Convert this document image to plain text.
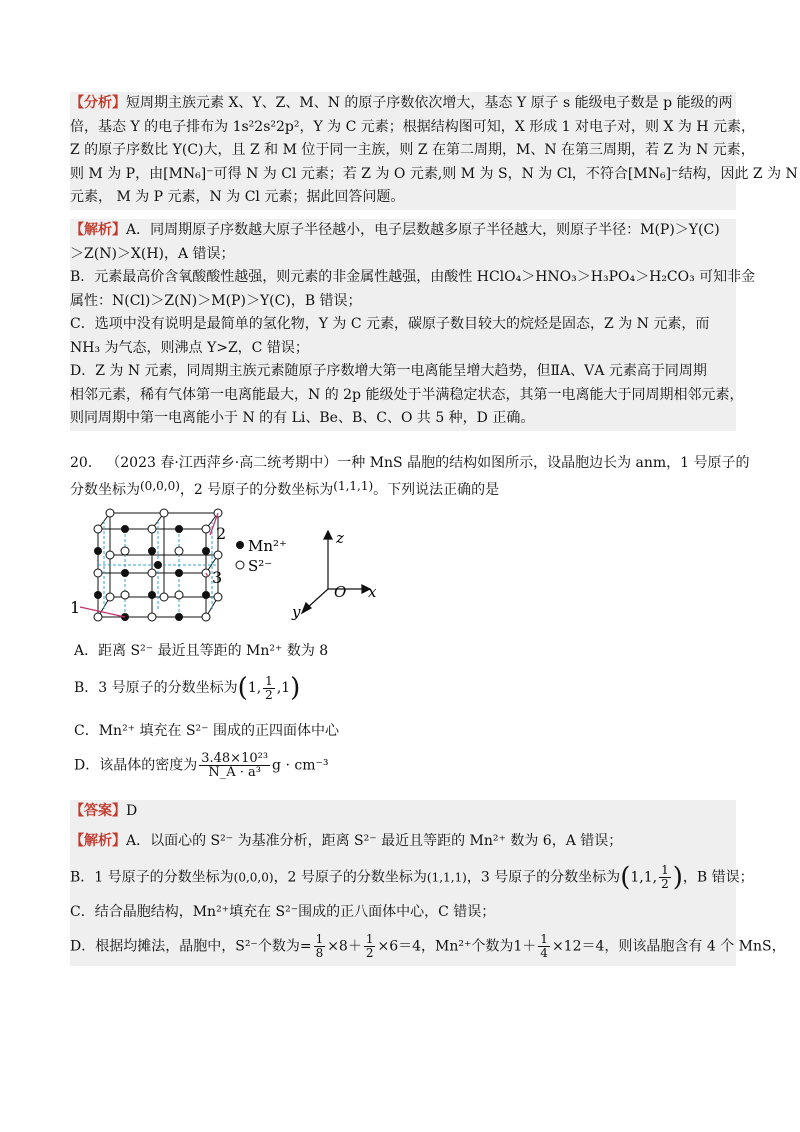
【分析】短周期主族元素 X、Y、Z、M、N 的原子序数依次增大，基态 Y 原子 s 能级电子数是 p 能级的两
倍，基态 Y 的电子排布为 1s²2s²2p²，Y 为 C 元素；根据结构图可知，X 形成 1 对电子对，则 X 为 H 元素，
Z 的原子序数比 Y(C)大，且 Z 和 M 位于同一主族，则 Z 在第二周期，M、N 在第三周期，若 Z 为 N 元素，
则 M 为 P，由[MN₆]⁻可得 N 为 Cl 元素；若 Z 为 O 元素,则 M 为 S，N 为 Cl，不符合[MN₆]⁻结构，因此 Z 为 N
元素， M 为 P 元素，N 为 Cl 元素；据此回答问题。
【解析】A．同周期原子序数越大原子半径越小，电子层数越多原子半径越大，则原子半径：M(P)＞Y(C)
＞Z(N)＞X(H)，A 错误；
B．元素最高价含氧酸酸性越强，则元素的非金属性越强，由酸性 HClO₄＞HNO₃＞H₃PO₄＞H₂CO₃ 可知非金
属性：N(Cl)＞Z(N)＞M(P)＞Y(C)，B 错误；
C．选项中没有说明是最简单的氢化物，Y 为 C 元素，碳原子数目较大的烷烃是固态，Z 为 N 元素，而
NH₃ 为气态，则沸点 Y>Z，C 错误；
D．Z 为 N 元素，同周期主族元素随原子序数增大第一电离能呈增大趋势，但ⅡA、ⅤA 元素高于同周期
相邻元素，稀有气体第一电离能最大，N 的 2p 能级处于半满稳定状态，其第一电离能大于同周期相邻元素，
则同周期中第一电离能小于 N 的有 Li、Be、B、C、O 共 5 种，D 正确。
20． （2023 春·江西萍乡·高二统考期中）一种 MnS 晶胞的结构如图所示，设晶胞边长为 anm，1 号原子的
分数坐标为(0,0,0)，2 号原子的分数坐标为(1,1,1)。下列说法正确的是
2
3
1
Mn²⁺
S²⁻
z
O x
y
A．距离 S²⁻ 最近且等距的 Mn²⁺ 数为 8
B．3 号原子的分数坐标为(1, $\frac{1}{2} ,1$)
C．Mn²⁺ 填充在 S²⁻ 围成的正四面体中心
D．该晶体的密度为 $\frac{\text{3.48×10²³}}{\text{N\_A · a³}}$ g · cm⁻³
【答案】D
【解析】A．以面心的 S²⁻ 为基准分析，距离 S²⁻ 最近且等距的 Mn²⁺ 数为 6，A 错误；
B．1 号原子的分数坐标为(0,0,0)，2 号原子的分数坐标为(1,1,1)，3 号原子的分数坐标为(1,1, $\frac{1}{2}$ )，B 错误；
C．结合晶胞结构，Mn²⁺填充在 S²⁻围成的正八面体中心，C 错误；
D．根据均摊法，晶胞中，S²⁻个数为= $\frac{1}{8} \times 8+ \frac{1}{2} \times 6=4$，Mn²⁺个数为$1+ \frac{1}{4} \times 12=4$，则该晶胞含有 4 个 MnS，
